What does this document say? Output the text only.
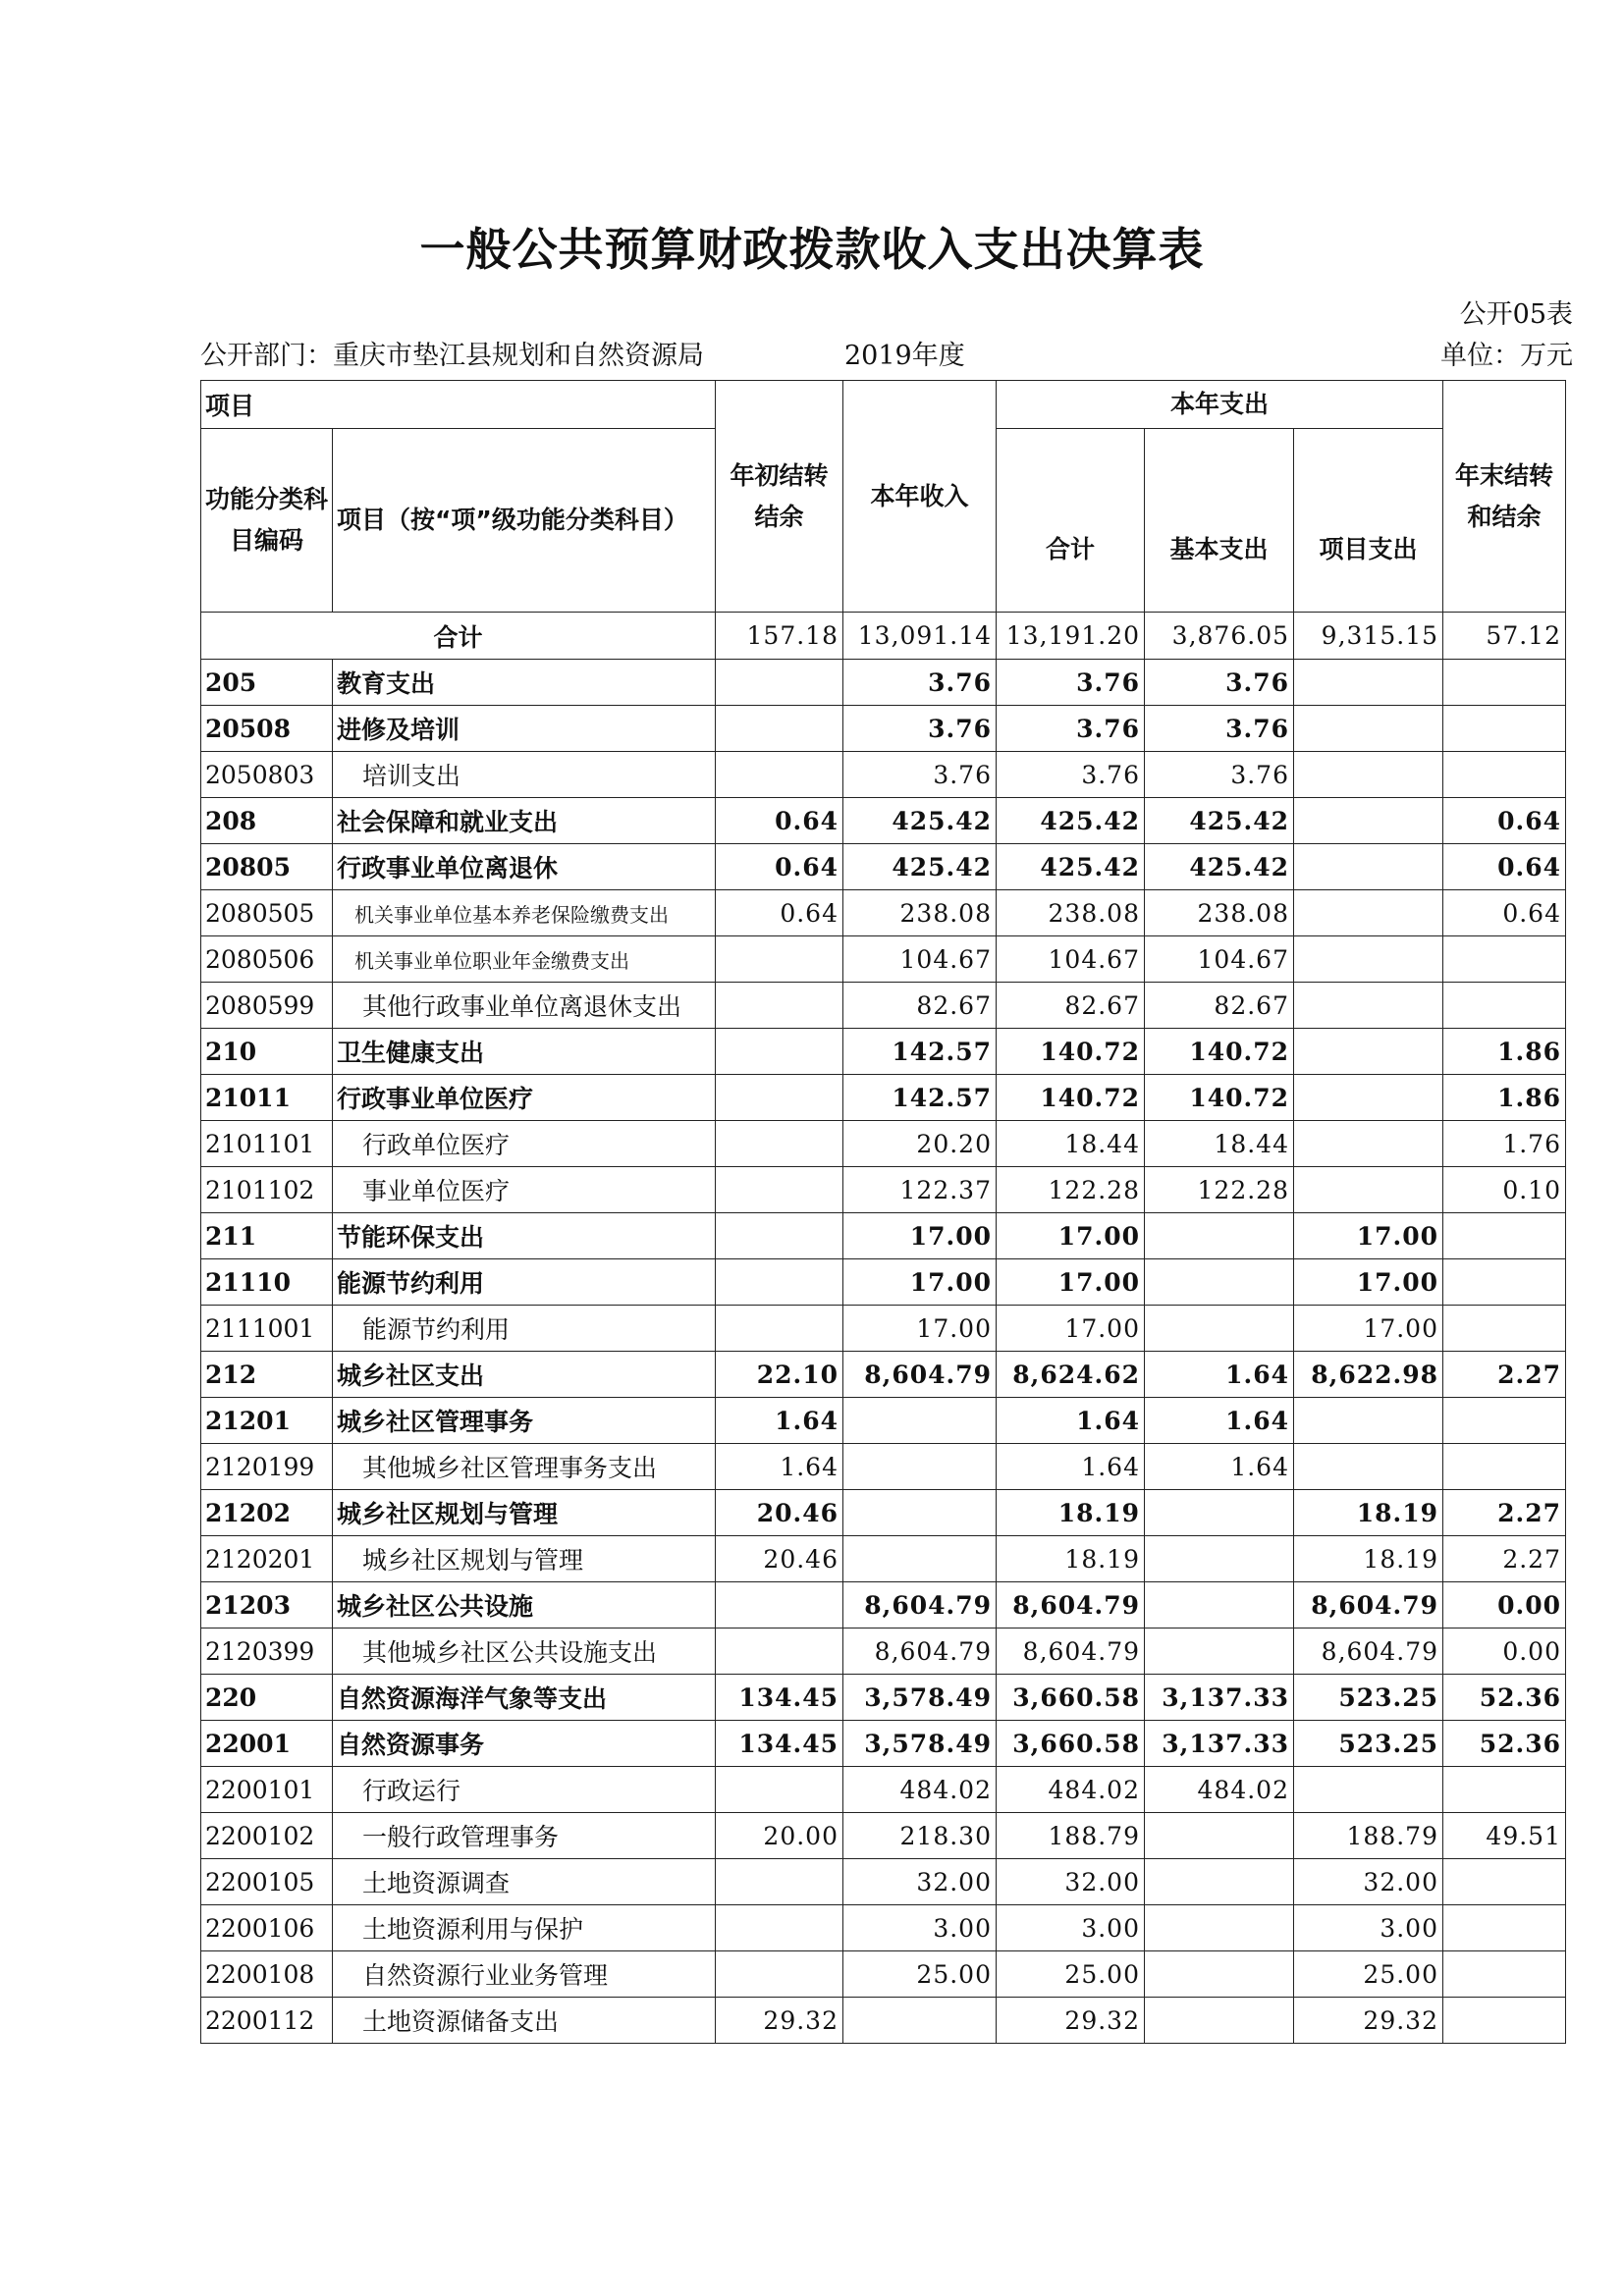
一般公共预算财政拨款收入支出决算表
公开05表
公开部门：重庆市垫江县规划和自然资源局	2019年度	单位：万元
项目		年初结转结余	本年收入	本年支出			年末结转和结余
功能分类科目编码	项目（按“项”级功能分类科目）			合计	基本支出	项目支出	
合计		157.18	13,091.14	13,191.20	3,876.05	9,315.15	57.12
205	教育支出		3.76	3.76	3.76		
20508	进修及培训		3.76	3.76	3.76		
2050803	培训支出		3.76	3.76	3.76		
208	社会保障和就业支出	0.64	425.42	425.42	425.42		0.64
20805	行政事业单位离退休	0.64	425.42	425.42	425.42		0.64
2080505	机关事业单位基本养老保险缴费支出	0.64	238.08	238.08	238.08		0.64
2080506	机关事业单位职业年金缴费支出		104.67	104.67	104.67		
2080599	其他行政事业单位离退休支出		82.67	82.67	82.67		
210	卫生健康支出		142.57	140.72	140.72		1.86
21011	行政事业单位医疗		142.57	140.72	140.72		1.86
2101101	行政单位医疗		20.20	18.44	18.44		1.76
2101102	事业单位医疗		122.37	122.28	122.28		0.10
211	节能环保支出		17.00	17.00		17.00	
21110	能源节约利用		17.00	17.00		17.00	
2111001	能源节约利用		17.00	17.00		17.00	
212	城乡社区支出	22.10	8,604.79	8,624.62	1.64	8,622.98	2.27
21201	城乡社区管理事务	1.64		1.64	1.64		
2120199	其他城乡社区管理事务支出	1.64		1.64	1.64		
21202	城乡社区规划与管理	20.46		18.19		18.19	2.27
2120201	城乡社区规划与管理	20.46		18.19		18.19	2.27
21203	城乡社区公共设施		8,604.79	8,604.79		8,604.79	0.00
2120399	其他城乡社区公共设施支出		8,604.79	8,604.79		8,604.79	0.00
220	自然资源海洋气象等支出	134.45	3,578.49	3,660.58	3,137.33	523.25	52.36
22001	自然资源事务	134.45	3,578.49	3,660.58	3,137.33	523.25	52.36
2200101	行政运行		484.02	484.02	484.02		
2200102	一般行政管理事务	20.00	218.30	188.79		188.79	49.51
2200105	土地资源调查		32.00	32.00		32.00	
2200106	土地资源利用与保护		3.00	3.00		3.00	
2200108	自然资源行业业务管理		25.00	25.00		25.00	
2200112	土地资源储备支出	29.32		29.32		29.32	
